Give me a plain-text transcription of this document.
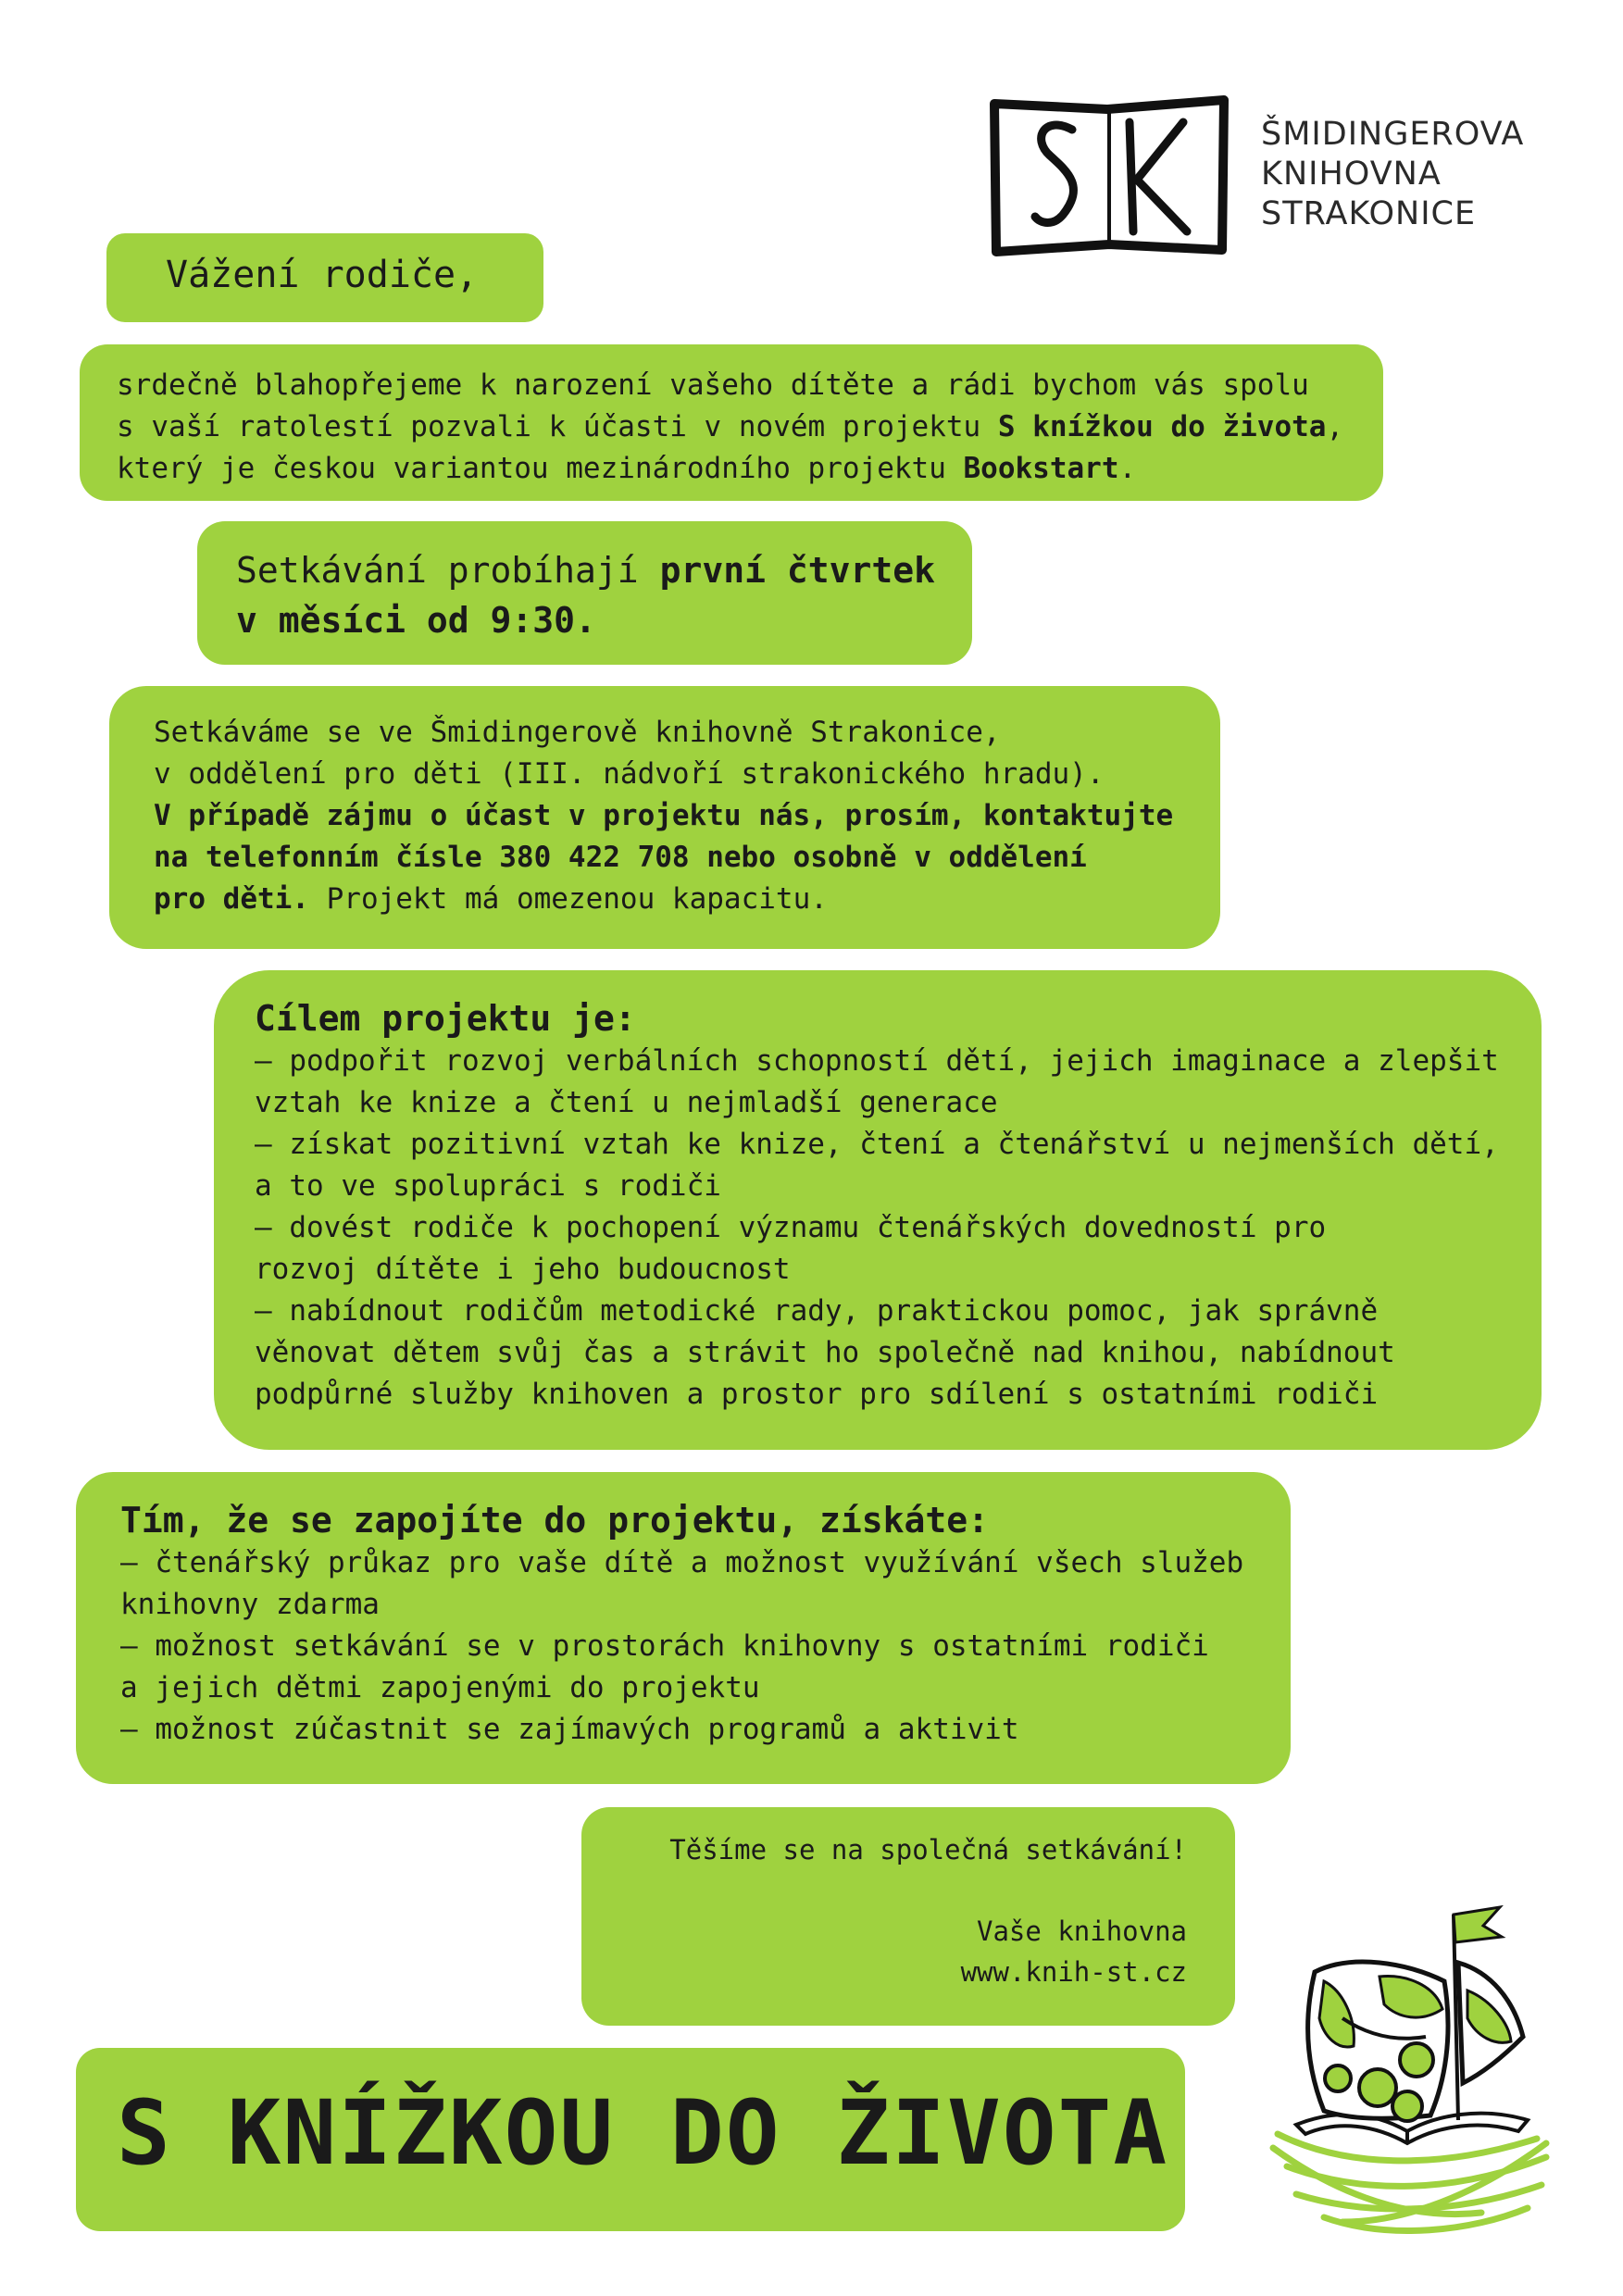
ŠMIDINGEROVA
KNIHOVNA
STRAKONICE
Vážení rodiče,

srdečně blahopřejeme k narození vašeho dítěte a rádi bychom vás spolu

s vaší ratolestí pozvali k účasti v novém projektu S knížkou do života,

který je českou variantou mezinárodního projektu Bookstart.

Setkávání probíhají první čtvrtek

v měsíci od 9:30.

Setkáváme se ve Šmidingerově knihovně Strakonice,

v oddělení pro děti (III. nádvoří strakonického hradu).

V případě zájmu o účast v projektu nás, prosím, kontaktujte

na telefonním čísle 380 422 708 nebo osobně v oddělení

pro děti. Projekt má omezenou kapacitu.

Cílem projektu je:
– podpořit rozvoj verbálních schopností dětí, jejich imaginace a zlepšit
vztah ke knize a čtení u nejmladší generace
– získat pozitivní vztah ke knize, čtení a čtenářství u nejmenších dětí,
a to ve spolupráci s rodiči
– dovést rodiče k pochopení významu čtenářských dovedností pro
rozvoj dítěte i jeho budoucnost
– nabídnout rodičům metodické rady, praktickou pomoc, jak správně
věnovat dětem svůj čas a strávit ho společně nad knihou, nabídnout
podpůrné služby knihoven a prostor pro sdílení s ostatními rodiči
Tím, že se zapojíte do projektu, získáte:
– čtenářský průkaz pro vaše dítě a možnost využívání všech služeb
knihovny zdarma
– možnost setkávání se v prostorách knihovny s ostatními rodiči
a jejich dětmi zapojenými do projektu
– možnost zúčastnit se zajímavých programů a aktivit

Těšíme se na společná setkávání!

Vaše knihovna

www.knih-st.cz

S KNÍŽKOU DO ŽIVOTA
